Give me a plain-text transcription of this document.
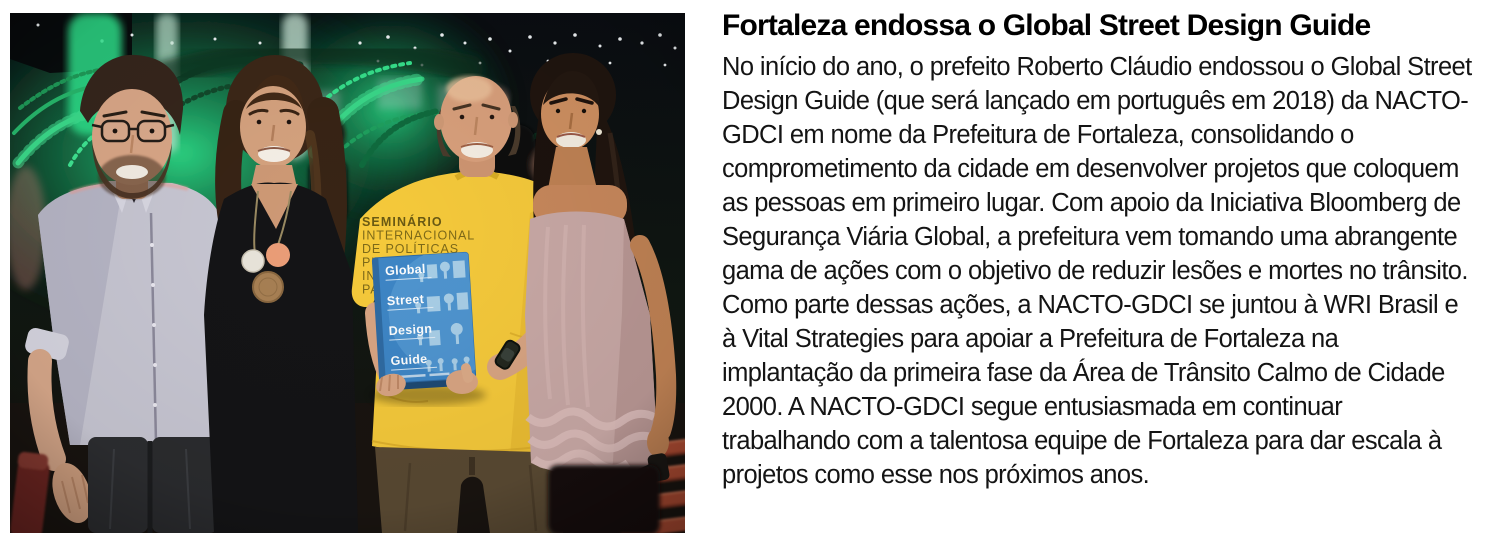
Fortaleza endossa o Global Street Design Guide

No início do ano, o prefeito Roberto Cláudio endossou o Global Street Design Guide (que será lançado em português em 2018) da NACTO-GDCI em nome da Prefeitura de Fortaleza, consolidando o comprometimento da cidade em desenvolver projetos que coloquem as pessoas em primeiro lugar. Com apoio da Iniciativa Bloomberg de Segurança Viária Global, a prefeitura vem tomando uma abrangente gama de ações com o objetivo de reduzir lesões e mortes no trânsito. Como parte dessas ações, a NACTO-GDCI se juntou à WRI Brasil e à Vital Strategies para apoiar a Prefeitura de Fortaleza na implantação da primeira fase da Área de Trânsito Calmo de Cidade 2000. A NACTO-GDCI segue entusiasmada em continuar trabalhando com a talentosa equipe de Fortaleza para dar escala à projetos como esse nos próximos anos.
